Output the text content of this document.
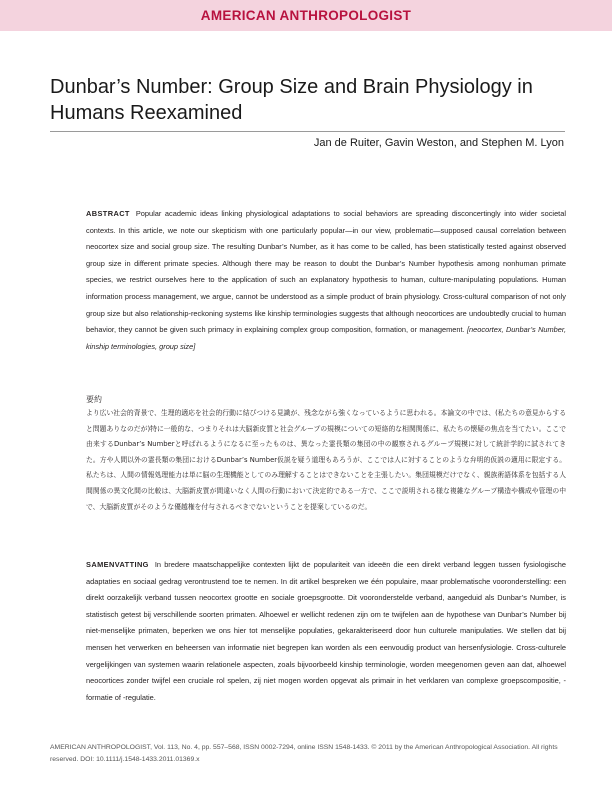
AMERICAN ANTHROPOLOGIST
Dunbar’s Number: Group Size and Brain Physiology in Humans Reexamined
Jan de Ruiter, Gavin Weston, and Stephen M. Lyon

ABSTRACT Popular academic ideas linking physiological adaptations to social behaviors are spreading disconcertingly into wider societal contexts. In this article, we note our skepticism with one particularly popular—in our view, problematic—supposed causal correlation between neocortex size and social group size. The resulting Dunbar’s Number, as it has come to be called, has been statistically tested against observed group size in different primate species. Although there may be reason to doubt the Dunbar’s Number hypothesis among nonhuman primate species, we restrict ourselves here to the application of such an explanatory hypothesis to human, culture-manipulating populations. Human information process management, we argue, cannot be understood as a simple product of brain physiology. Cross-cultural comparison of not only group size but also relationship-reckoning systems like kinship terminologies suggests that although neocortices are undoubtedly crucial to human behavior, they cannot be given such primacy in explaining complex group composition, formation, or management. [neocortex, Dunbar’s Number, kinship terminologies, group size]

要約

より広い社会的背景で、生理的適応を社会的行動に結びつける見識が、残念ながら強くなっているように思われる。本論文の中では、(私たちの意見からすると問題ありなのだが)特に一般的な、つまりそれは大脳新皮質と社会グループの規模についての短絡的な相関関係に、私たちの懐疑の焦点を当てたい。ここで由来するDunbar’s Numberと呼ばれるようになるに至ったものは、異なった霊長類の集団の中の観察されるグループ規模に対して統計学的に試されてきた。方や人間以外の霊長類の集団におけるDunbar’s Number仮説を疑う道理もあろうが、ここでは人に対することのような弁明的仮説の適用に限定する。私たちは、人間の情報処理能力は単に脳の生理機能としてのみ理解することはできないことを主張したい。集団規模だけでなく、親族術語体系を包括する人間関係の異文化間の比較は、大脳新皮質が間違いなく人間の行動において決定的である一方で、ここで説明される様な複雑なグループ構造や構成や管理の中で、大脳新皮質がそのような優越権を付与されるべきでないということを提案しているのだ。

SAMENVATTING In bredere maatschappelijke contexten lijkt de populariteit van ideeën die een direkt verband leggen tussen fysiologische adaptaties en sociaal gedrag verontrustend toe te nemen. In dit artikel bespreken we één populaire, maar problematische vooronderstelling: een direkt oorzakelijk verband tussen neocortex grootte en sociale groepsgrootte. Dit vooronderstelde verband, aangeduid als Dunbar’s Number, is statistisch getest bij verschillende soorten primaten. Alhoewel er wellicht redenen zijn om te twijfelen aan de hypothese van Dunbar’s Number bij niet-menselijke primaten, beperken we ons hier tot menselijke populaties, gekarakteriseerd door hun culturele manipulaties. We stellen dat bij mensen het verwerken en beheersen van informatie niet begrepen kan worden als een eenvoudig product van hersenfysiologie. Cross-culturele vergelijkingen van systemen waarin relationele aspecten, zoals bijvoorbeeld kinship terminologie, worden meegenomen geven aan dat, alhoewel neocortices zonder twijfel een cruciale rol spelen, zij niet mogen worden opgevat als primair in het verklaren van complexe groepscompositie, -formatie of -regulatie.

AMERICAN ANTHROPOLOGIST, Vol. 113, No. 4, pp. 557–568, ISSN 0002-7294, online ISSN 1548-1433. © 2011 by the American Anthropological Association. All rights reserved. DOI: 10.1111/j.1548-1433.2011.01369.x
